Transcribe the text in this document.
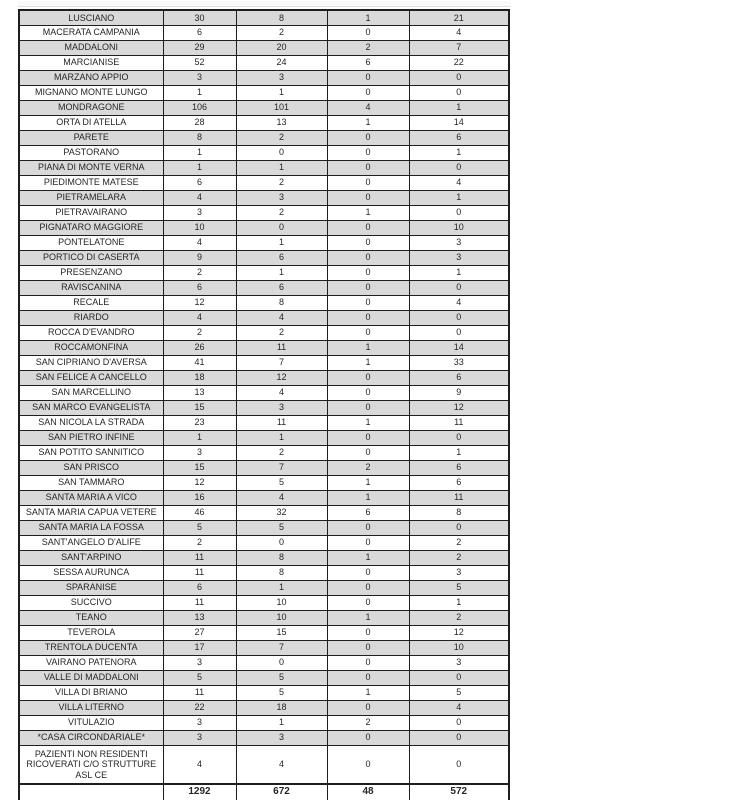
LUSCIANO	30	8	1	21
MACERATA CAMPANIA	6	2	0	4
MADDALONI	29	20	2	7
MARCIANISE	52	24	6	22
MARZANO APPIO	3	3	0	0
MIGNANO MONTE LUNGO	1	1	0	0
MONDRAGONE	106	101	4	1
ORTA DI ATELLA	28	13	1	14
PARETE	8	2	0	6
PASTORANO	1	0	0	1
PIANA DI MONTE VERNA	1	1	0	0
PIEDIMONTE MATESE	6	2	0	4
PIETRAMELARA	4	3	0	1
PIETRAVAIRANO	3	2	1	0
PIGNATARO MAGGIORE	10	0	0	10
PONTELATONE	4	1	0	3
PORTICO DI CASERTA	9	6	0	3
PRESENZANO	2	1	0	1
RAVISCANINA	6	6	0	0
RECALE	12	8	0	4
RIARDO	4	4	0	0
ROCCA D'EVANDRO	2	2	0	0
ROCCAMONFINA	26	11	1	14
SAN CIPRIANO D'AVERSA	41	7	1	33
SAN FELICE A CANCELLO	18	12	0	6
SAN MARCELLINO	13	4	0	9
SAN MARCO EVANGELISTA	15	3	0	12
SAN NICOLA LA STRADA	23	11	1	11
SAN PIETRO INFINE	1	1	0	0
SAN POTITO SANNITICO	3	2	0	1
SAN PRISCO	15	7	2	6
SAN TAMMARO	12	5	1	6
SANTA MARIA A VICO	16	4	1	11
SANTA MARIA CAPUA VETERE	46	32	6	8
SANTA MARIA LA FOSSA	5	5	0	0
SANT'ANGELO D'ALIFE	2	0	0	2
SANT'ARPINO	11	8	1	2
SESSA AURUNCA	11	8	0	3
SPARANISE	6	1	0	5
SUCCIVO	11	10	0	1
TEANO	13	10	1	2
TEVEROLA	27	15	0	12
TRENTOLA DUCENTA	17	7	0	10
VAIRANO PATENORA	3	0	0	3
VALLE DI MADDALONI	5	5	0	0
VILLA DI BRIANO	11	5	1	5
VILLA LITERNO	22	18	0	4
VITULAZIO	3	1	2	0
*CASA CIRCONDARIALE*	3	3	0	0
PAZIENTI NON RESIDENTI RICOVERATI C/O STRUTTURE ASL CE	4	4	0	0
	1292	672	48	572
